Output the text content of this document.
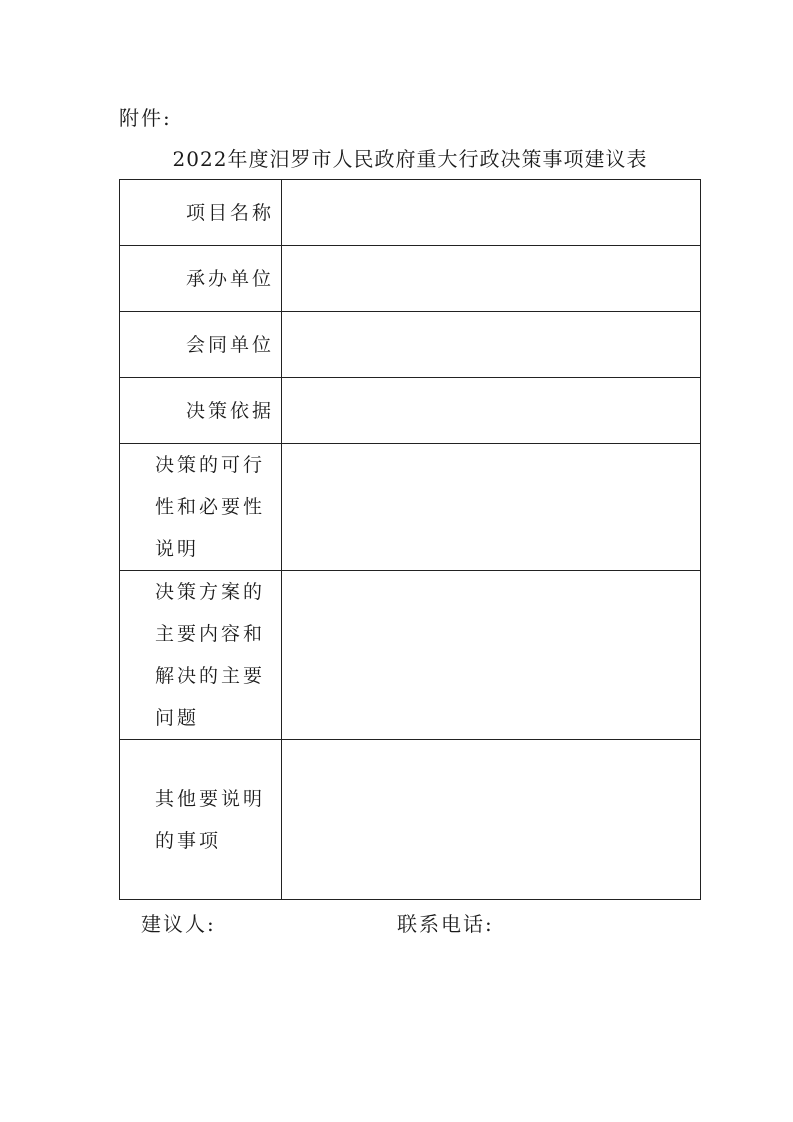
附件:
2022年度汨罗市人民政府重大行政决策事项建议表
项目名称	
承办单位	
会同单位	
决策依据	
决策的可行性和必要性说明	
决策方案的主要内容和解决的主要问题	
其他要说明的事项	
建议人:	联系电话:
